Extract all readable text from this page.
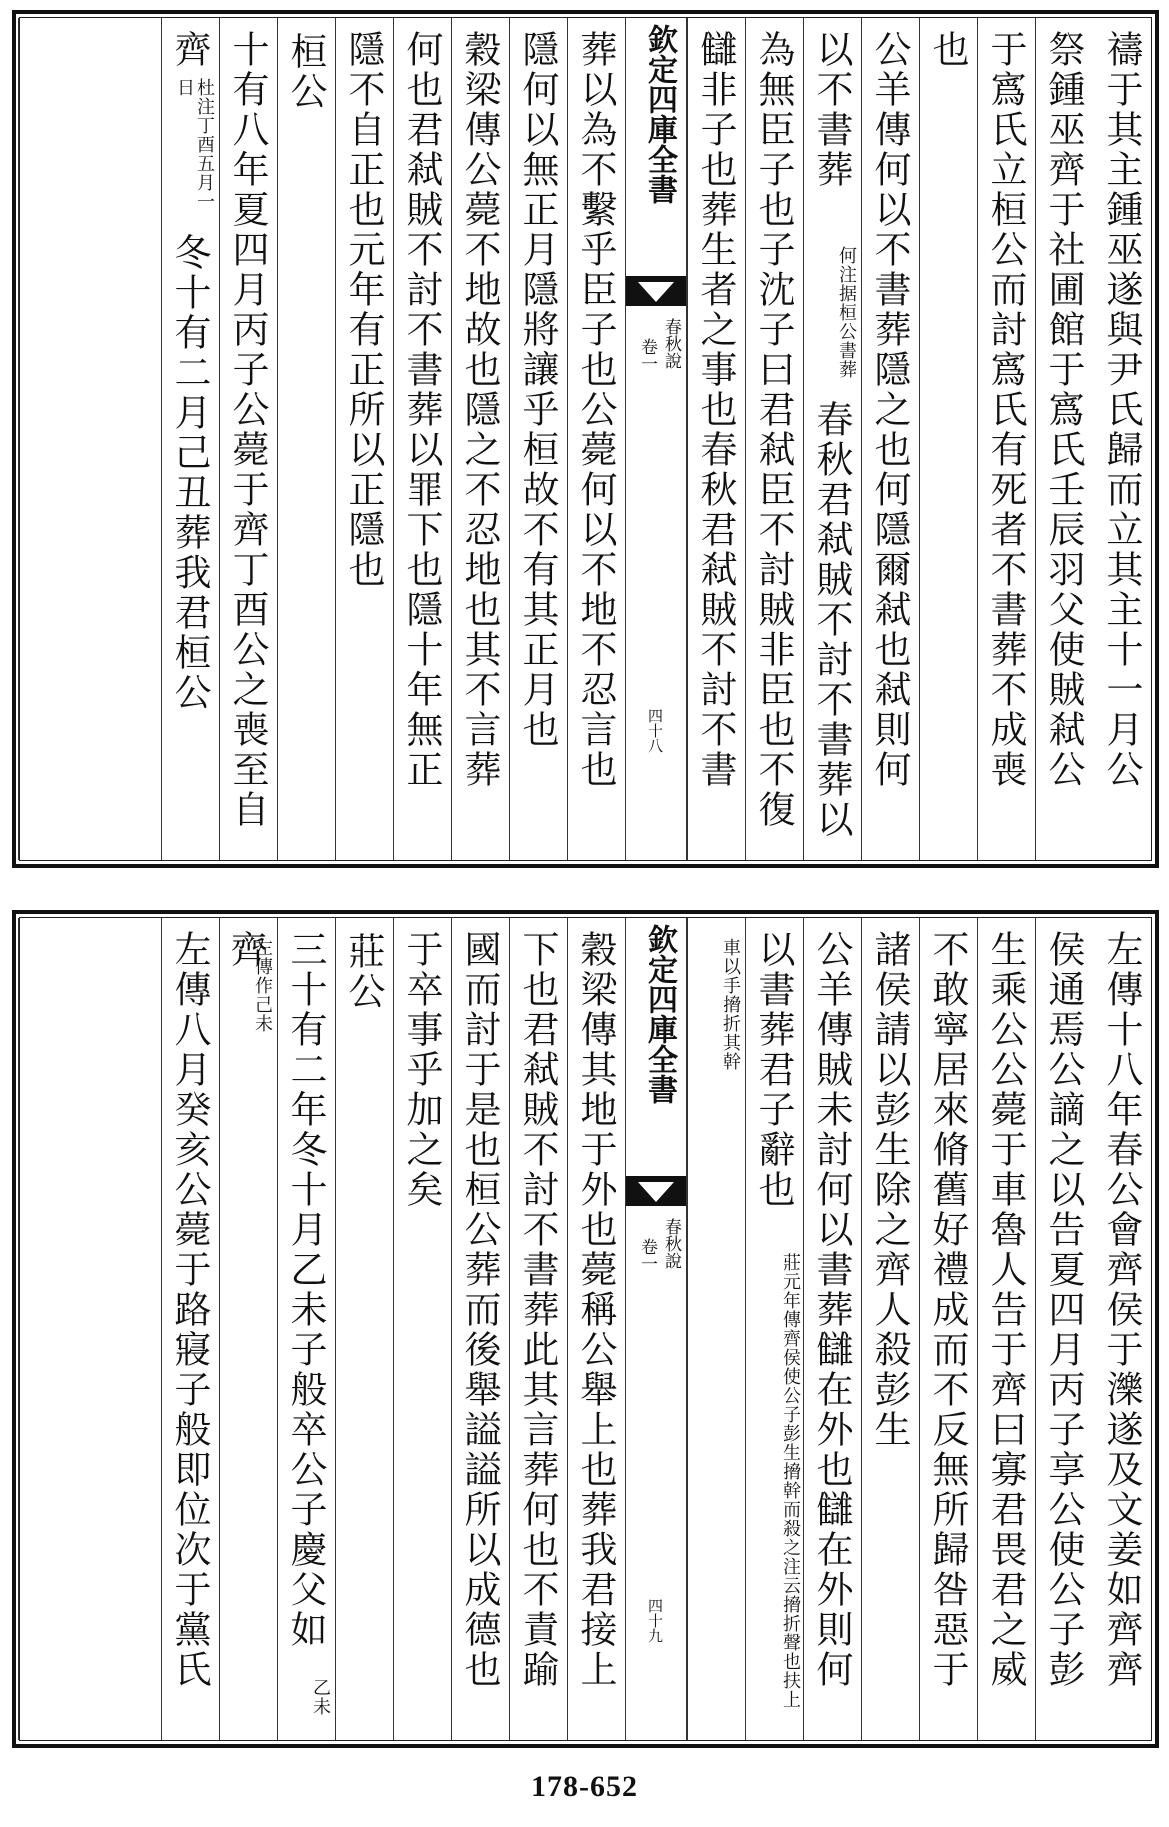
禱于其主鍾巫遂與尹氏歸而立其主十一月公
祭鍾巫齊于社圃館于寪氏壬辰羽父使賊弒公
于寪氏立桓公而討寪氏有死者不書葬不成喪
也
公羊傳何以不書葬隱之也何隱爾弒也弒則何
以不書葬
何注据桓公書葬
春秋君弒賊不討不書葬以
為無臣子也子沈子曰君弒臣不討賊非臣也不復
讎非子也葬生者之事也春秋君弒賊不討不書
欽定四庫全書
春秋說
卷一
四十八
葬以為不繫乎臣子也公薨何以不地不忍言也
隱何以無正月隱將讓乎桓故不有其正月也
穀梁傳公薨不地故也隱之不忍地也其不言葬
何也君弒賊不討不書葬以罪下也隱十年無正
隱不自正也元年有正所以正隱也
桓公
十有八年夏四月丙子公薨于齊丁酉公之喪至自
齊
杜注丁酉五月一日
冬十有二月己丑葬我君桓公
左傳十八年春公會齊侯于濼遂及文姜如齊齊
侯通焉公謫之以告夏四月丙子享公使公子彭
生乘公公薨于車魯人告于齊曰寡君畏君之威
不敢寧居來脩舊好禮成而不反無所歸咎惡于
諸侯請以彭生除之齊人殺彭生
公羊傳賊未討何以書葬讎在外也讎在外則何
以書葬君子辭也
莊元年傳齊侯使公子彭生搚幹而殺之注云搚折聲也扶上
車以手搚折其幹
欽定四庫全書
春秋說
卷一
四十九
穀梁傳其地于外也薨稱公舉上也葬我君接上
下也君弒賊不討不書葬此其言葬何也不責踰
國而討于是也桓公葬而後舉謚謚所以成德也
于卒事乎加之矣
莊公
三十有二年冬十月乙未子般卒公子慶父如齊
乙未
左傳作己未
左傳八月癸亥公薨于路寢子般即位次于黨氏
178-652
